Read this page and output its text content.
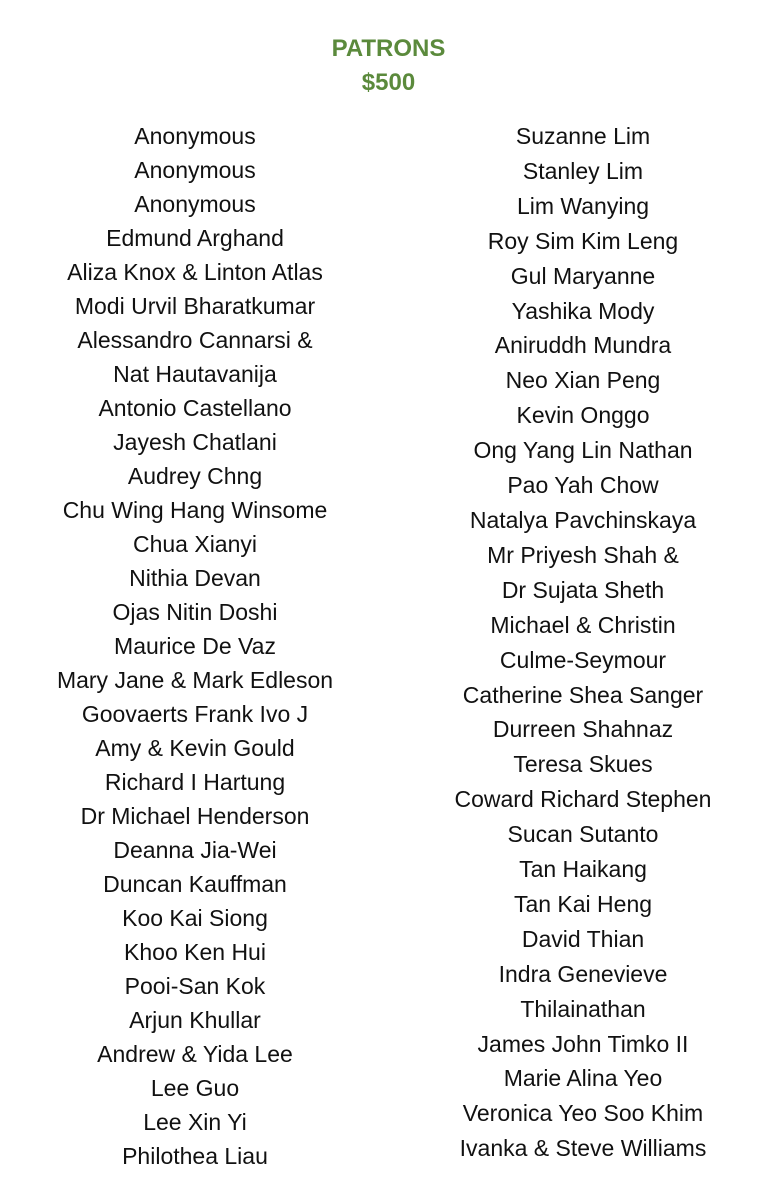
PATRONS
$500
Anonymous
Anonymous
Anonymous
Edmund Arghand
Aliza Knox & Linton Atlas
Modi Urvil Bharatkumar
Alessandro Cannarsi &
Nat Hautavanija
Antonio Castellano
Jayesh Chatlani
Audrey Chng
Chu Wing Hang Winsome
Chua Xianyi
Nithia Devan
Ojas Nitin Doshi
Maurice De Vaz
Mary Jane & Mark Edleson
Goovaerts Frank Ivo J
Amy & Kevin Gould
Richard I Hartung
Dr Michael Henderson
Deanna Jia-Wei
Duncan Kauffman
Koo Kai Siong
Khoo Ken Hui
Pooi-San Kok
Arjun Khullar
Andrew & Yida Lee
Lee Guo
Lee Xin Yi
Philothea Liau
Suzanne Lim
Stanley Lim
Lim Wanying
Roy Sim Kim Leng
Gul Maryanne
Yashika Mody
Aniruddh Mundra
Neo Xian Peng
Kevin Onggo
Ong Yang Lin Nathan
Pao Yah Chow
Natalya Pavchinskaya
Mr Priyesh Shah &
Dr Sujata Sheth
Michael & Christin
Culme-Seymour
Catherine Shea Sanger
Durreen Shahnaz
Teresa Skues
Coward Richard Stephen
Sucan Sutanto
Tan Haikang
Tan Kai Heng
David Thian
Indra Genevieve
Thilainathan
James John Timko II
Marie Alina Yeo
Veronica Yeo Soo Khim
Ivanka & Steve Williams
